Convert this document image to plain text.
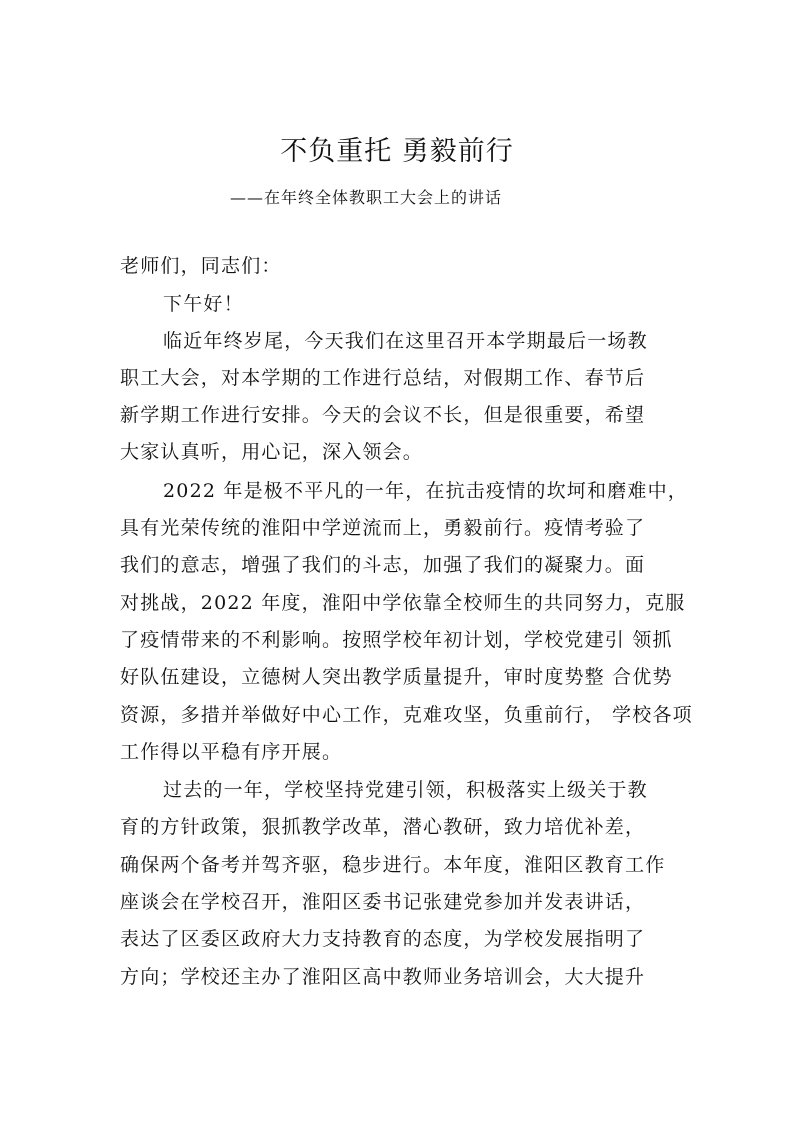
不负重托 勇毅前行
——在年终全体教职工大会上的讲话
老师们，同志们：
下午好！
临近年终岁尾，今天我们在这里召开本学期最后一场教
职工大会，对本学期的工作进行总结，对假期工作、春节后
新学期工作进行安排。今天的会议不长，但是很重要，希望
大家认真听，用心记，深入领会。
2022 年是极不平凡的一年，在抗击疫情的坎坷和磨难中，
具有光荣传统的淮阳中学逆流而上，勇毅前行。疫情考验了
我们的意志，增强了我们的斗志，加强了我们的凝聚力。面
对挑战，2022 年度，淮阳中学依靠全校师生的共同努力，克服
了疫情带来的不利影响。按照学校年初计划，学校党建引 领抓
好队伍建设，立德树人突出教学质量提升，审时度势整 合优势
资源，多措并举做好中心工作，克难攻坚，负重前行， 学校各项
工作得以平稳有序开展。
过去的一年，学校坚持党建引领，积极落实上级关于教
育的方针政策，狠抓教学改革，潜心教研，致力培优补差，
确保两个备考并驾齐驱，稳步进行。本年度，淮阳区教育工作
座谈会在学校召开，淮阳区委书记张建党参加并发表讲话，
表达了区委区政府大力支持教育的态度，为学校发展指明了
方向；学校还主办了淮阳区高中教师业务培训会，大大提升
